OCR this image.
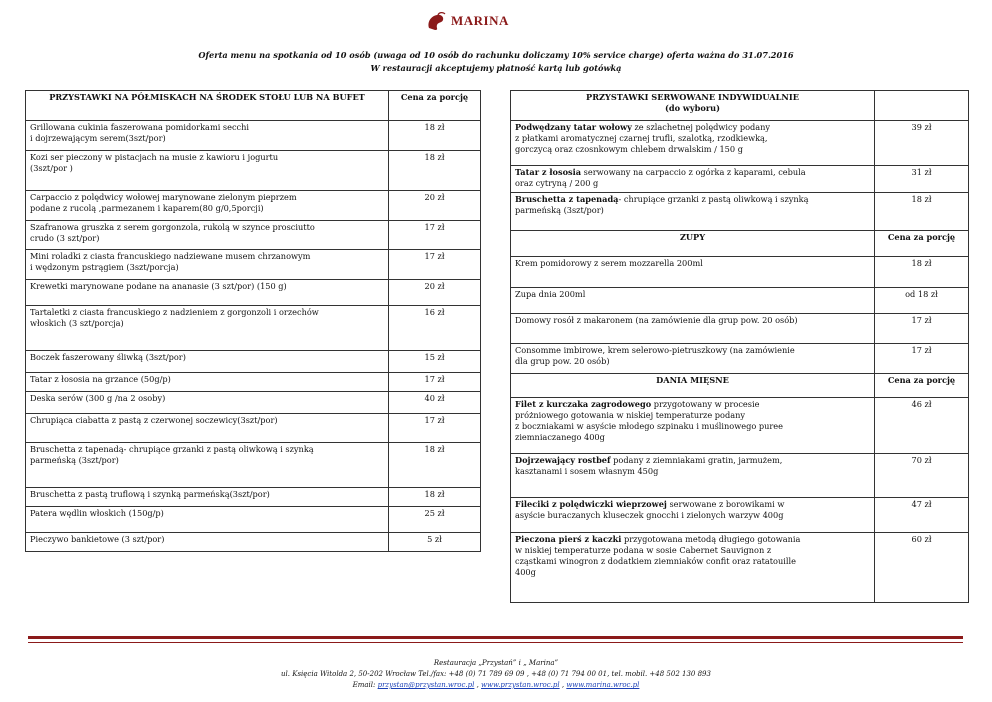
MARINA
Oferta menu na spotkania od 10 osób (uwaga od 10 osób do rachunku doliczamy 10% service charge) oferta ważna do 31.07.2016
W restauracji akceptujemy płatność kartą lub gotówką
PRZYSTAWKI NA PÓŁMISKACH NA ŚRODEK STOŁU LUB NA BUFET	Cena za porcję
Grillowana cukinia faszerowana pomidorkami secchi
i dojrzewającym serem(3szt/por)	18 zł
Kozi ser pieczony w pistacjach na musie z kawioru i jogurtu
(3szt/por )	18 zł
Carpaccio z polędwicy wołowej marynowane zielonym pieprzem
podane z rucolą ,parmezanem i kaparem(80 g/0,5porcji)	20 zł
Szafranowa gruszka z serem gorgonzola, rukolą w szynce prosciutto
crudo (3 szt/por)	17 zł
Mini roladki z ciasta francuskiego nadziewane musem chrzanowym
i wędzonym pstrągiem (3szt/porcja)	17 zł
Krewetki marynowane podane na ananasie (3 szt/por) (150 g)	20 zł
Tartaletki z ciasta francuskiego z nadzieniem z gorgonzoli i orzechów
włoskich (3 szt/porcja)	16 zł
Boczek faszerowany śliwką (3szt/por)	15 zł
Tatar z łososia na grzance (50g/p)	17 zł
Deska serów (300 g /na 2 osoby)	40 zł
Chrupiąca ciabatta z pastą z czerwonej soczewicy(3szt/por)	17 zł
Bruschetta z tapenadą- chrupiące grzanki z pastą oliwkową i szynką
parmeńską (3szt/por)	18 zł
Bruschetta z pastą truflową i szynką parmeńską(3szt/por)	18 zł
Patera wędlin włoskich (150g/p)	25 zł
Pieczywo bankietowe (3 szt/por)	5 zł
PRZYSTAWKI SERWOWANE INDYWIDUALNIE
(do wyboru)	
Podwędzany tatar wołowy ze szlachetnej polędwicy podany
z płatkami aromatycznej czarnej trufli, szalotką, rzodkiewką,
gorczycą oraz czosnkowym chlebem drwalskim / 150 g	39 zł
Tatar z łososia serwowany na carpaccio z ogórka z kaparami, cebula
oraz cytryną / 200 g	31 zł
Bruschetta z tapenadą- chrupiące grzanki z pastą oliwkową i szynką
parmeńską (3szt/por)	18 zł
ZUPY	Cena za porcję
Krem pomidorowy z serem mozzarella 200ml	18 zł
Zupa dnia 200ml	od 18 zł
Domowy rosół z makaronem (na zamówienie dla grup pow. 20 osób)	17 zł
Consomme imbirowe, krem selerowo-pietruszkowy (na zamówienie
dla grup pow. 20 osób)	17 zł
DANIA MIĘSNE	Cena za porcję
Filet z kurczaka zagrodowego przygotowany w procesie
próżniowego gotowania w niskiej temperaturze podany
z boczniakami w asyście młodego szpinaku i muślinowego puree
ziemniaczanego 400g	46 zł
Dojrzewający rostbef podany z ziemniakami gratin, jarmużem,
kasztanami i sosem własnym 450g	70 zł
Fileciki z polędwiczki wieprzowej serwowane z borowikami w
asyście buraczanych kluseczek gnocchi i zielonych warzyw 400g	47 zł
Pieczona pierś z kaczki przygotowana metodą długiego gotowania
w niskiej temperaturze podana w sosie Cabernet Sauvignon z
cząstkami winogron z dodatkiem ziemniaków confit oraz ratatouille
400g	60 zł
Restauracja „Przystań” i „ Marina”
ul. Księcia Witolda 2, 50-202 Wrocław Tel./fax: +48 (0) 71 789 69 09 , +48 (0) 71 794 00 01, tel. mobil. +48 502 130 893
Email: przystan@przystan.wroc.pl , www.przystan.wroc.pl , www.marina.wroc.pl
